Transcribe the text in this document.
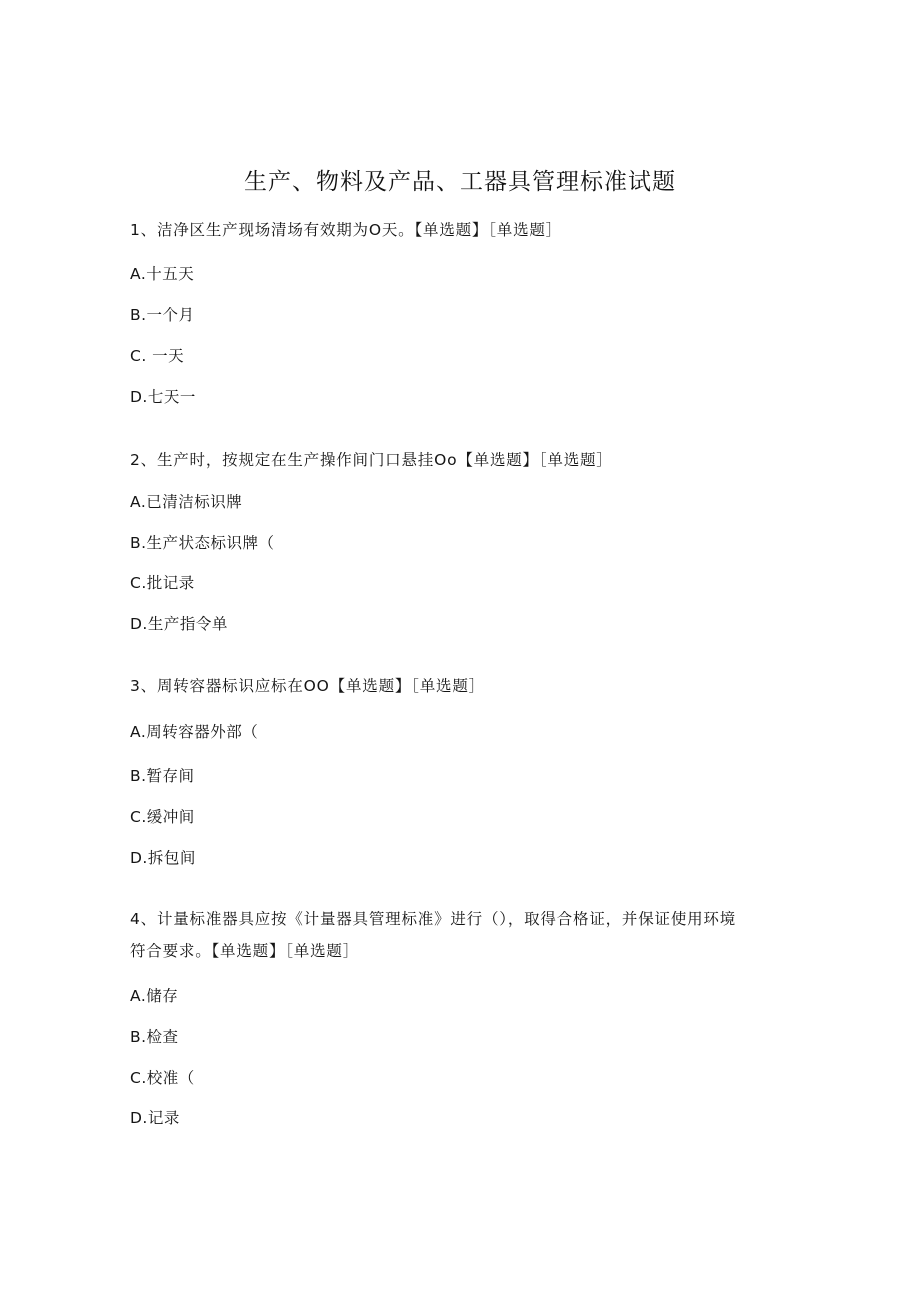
生产、物料及产品、工器具管理标准试题
1、洁净区生产现场清场有效期为O天。【单选题】［单选题］
A.十五天
B.一个月
C. 一天
D.七天一
2、生产时，按规定在生产操作间门口悬挂Oo【单选题】［单选题］
A.已清洁标识牌
B.生产状态标识牌（
C.批记录
D.生产指令单
3、周转容器标识应标在OO【单选题】［单选题］
A.周转容器外部（
B.暂存间
C.缓冲间
D.拆包间
4、计量标准器具应按《计量器具管理标准》进行（），取得合格证，并保证使用环境
符合要求。【单选题】［单选题］
A.储存
B.检查
C.校准（
D.记录
